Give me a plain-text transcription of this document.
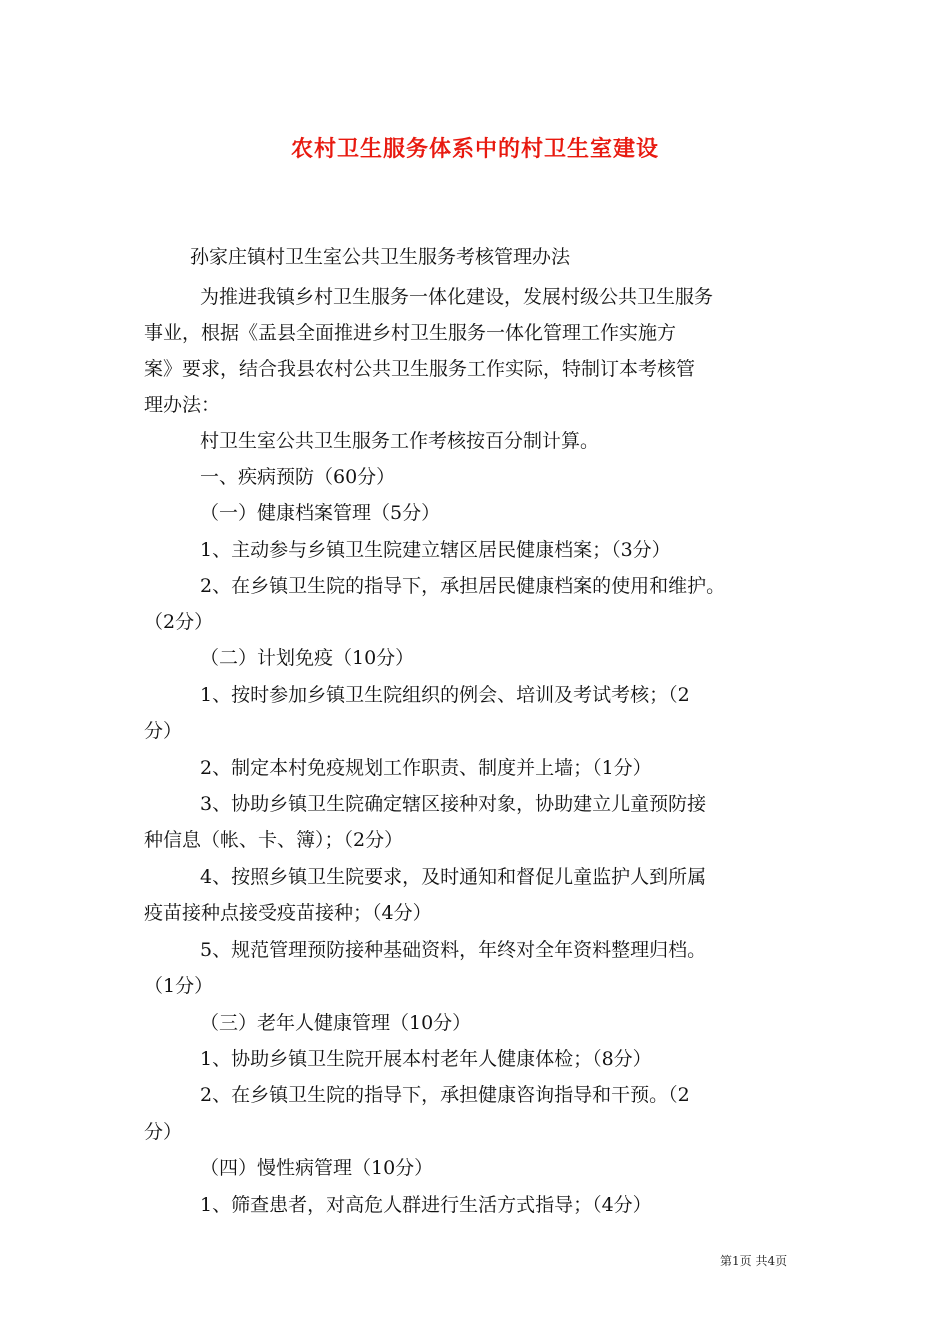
农村卫生服务体系中的村卫生室建设
孙家庄镇村卫生室公共卫生服务考核管理办法
为推进我镇乡村卫生服务一体化建设，发展村级公共卫生服务
事业，根据《盂县全面推进乡村卫生服务一体化管理工作实施方
案》要求，结合我县农村公共卫生服务工作实际，特制订本考核管
理办法：
村卫生室公共卫生服务工作考核按百分制计算。
一、疾病预防（60分）
（一）健康档案管理（5分）
1、主动参与乡镇卫生院建立辖区居民健康档案；（3分）
2、在乡镇卫生院的指导下，承担居民健康档案的使用和维护。
（2分）
（二）计划免疫（10分）
1、按时参加乡镇卫生院组织的例会、培训及考试考核；（2
分）
2、制定本村免疫规划工作职责、制度并上墙；（1分）
3、协助乡镇卫生院确定辖区接种对象，协助建立儿童预防接
种信息（帐、卡、簿）；（2分）
4、按照乡镇卫生院要求，及时通知和督促儿童监护人到所属
疫苗接种点接受疫苗接种；（4分）
5、规范管理预防接种基础资料，年终对全年资料整理归档。
（1分）
（三）老年人健康管理（10分）
1、协助乡镇卫生院开展本村老年人健康体检；（8分）
2、在乡镇卫生院的指导下，承担健康咨询指导和干预。（2
分）
（四）慢性病管理（10分）
1、筛查患者，对高危人群进行生活方式指导；（4分）
第1页 共4页
